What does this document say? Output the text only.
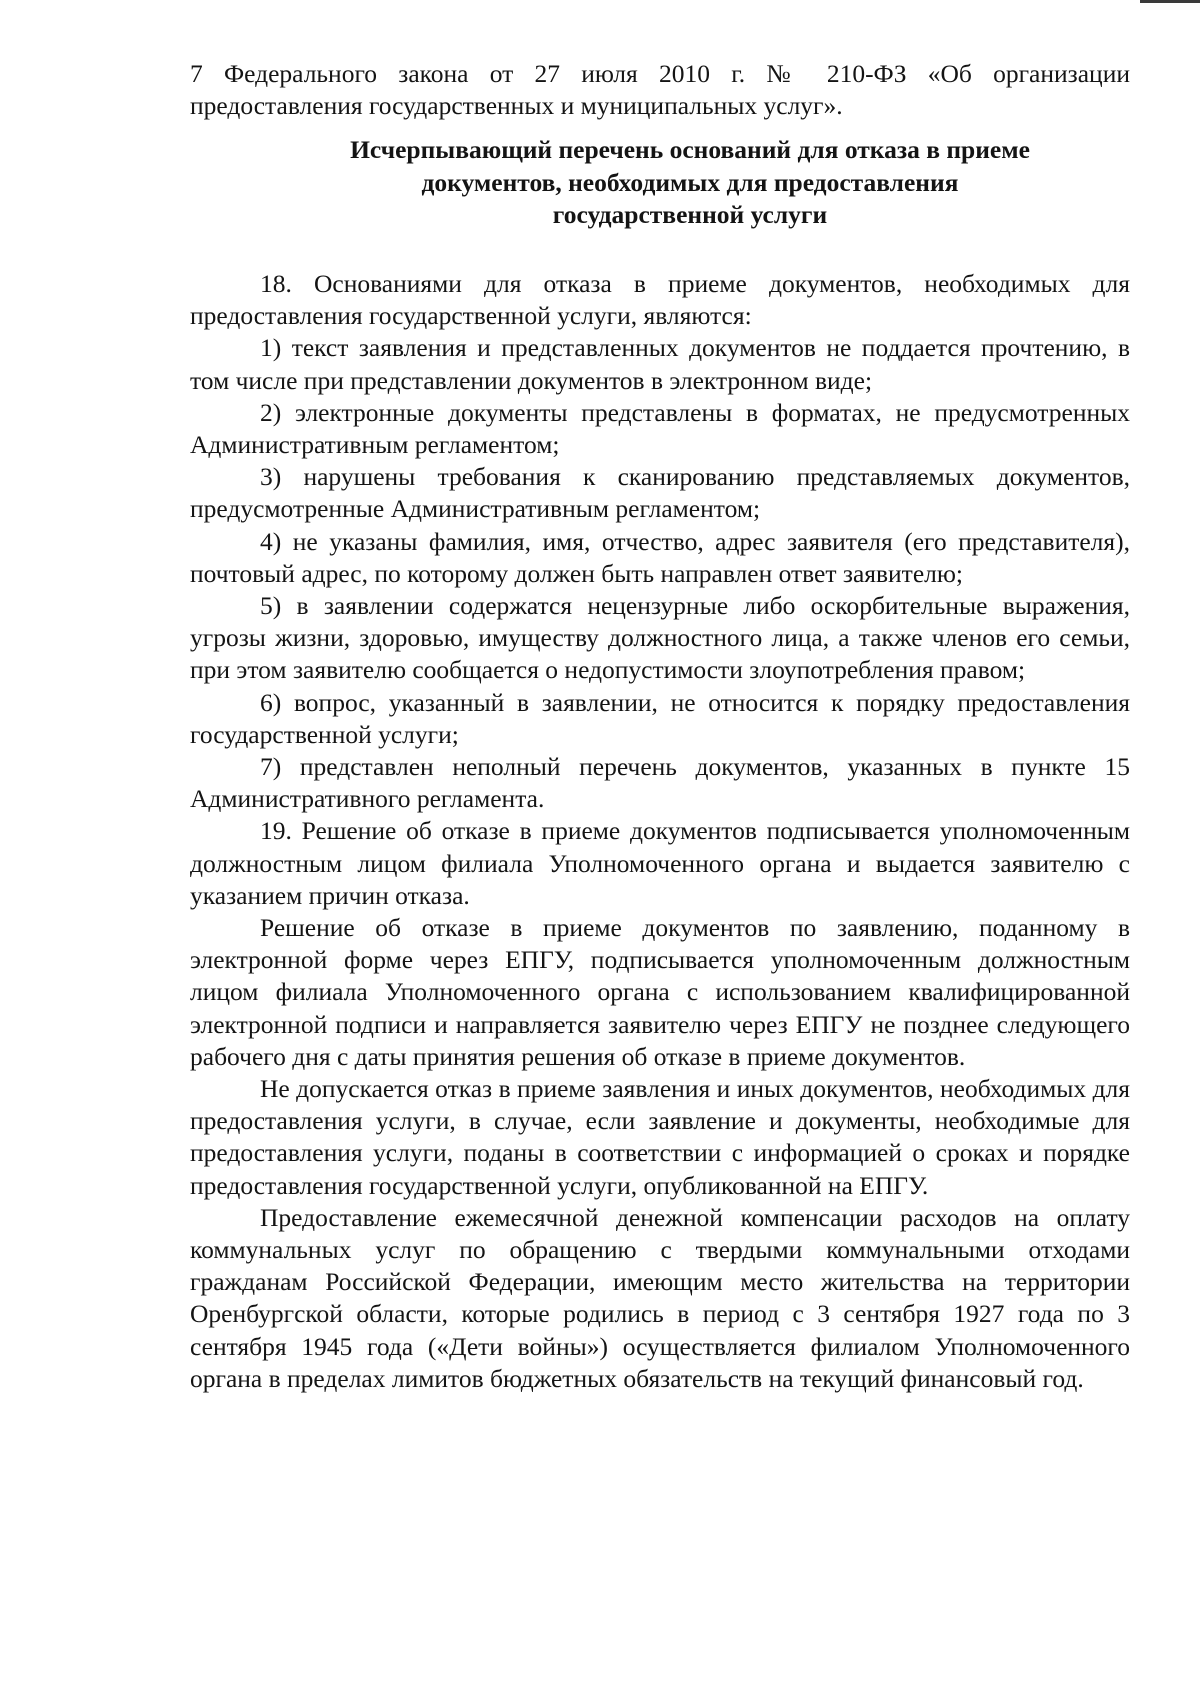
7 Федерального закона от 27 июля 2010 г. № 210-ФЗ «Об организации предоставления государственных и муниципальных услуг».

Исчерпывающий перечень оснований для отказа в приеме
документов, необходимых для предоставления
государственной услуги

18. Основаниями для отказа в приеме документов, необходимых для предоставления государственной услуги, являются:

1) текст заявления и представленных документов не поддается прочтению, в том числе при представлении документов в электронном виде;

2) электронные документы представлены в форматах, не предусмотренных Административным регламентом;

3) нарушены требования к сканированию представляемых документов, предусмотренные Административным регламентом;

4) не указаны фамилия, имя, отчество, адрес заявителя (его представителя), почтовый адрес, по которому должен быть направлен ответ заявителю;

5) в заявлении содержатся нецензурные либо оскорбительные выражения, угрозы жизни, здоровью, имуществу должностного лица, а также членов его семьи, при этом заявителю сообщается о недопустимости злоупотребления правом;

6) вопрос, указанный в заявлении, не относится к порядку предоставления государственной услуги;

7) представлен неполный перечень документов, указанных в пункте 15 Административного регламента.

19. Решение об отказе в приеме документов подписывается уполномоченным должностным лицом филиала Уполномоченного органа и выдается заявителю с указанием причин отказа.

Решение об отказе в приеме документов по заявлению, поданному в электронной форме через ЕПГУ, подписывается уполномоченным должностным лицом филиала Уполномоченного органа с использованием квалифицированной электронной подписи и направляется заявителю через ЕПГУ не позднее следующего рабочего дня с даты принятия решения об отказе в приеме документов.

Не допускается отказ в приеме заявления и иных документов, необходимых для предоставления услуги, в случае, если заявление и документы, необходимые для предоставления услуги, поданы в соответствии с информацией о сроках и порядке предоставления государственной услуги, опубликованной на ЕПГУ.

Предоставление ежемесячной денежной компенсации расходов на оплату коммунальных услуг по обращению с твердыми коммунальными отходами гражданам Российской Федерации, имеющим место жительства на территории Оренбургской области, которые родились в период с 3 сентября 1927 года по 3 сентября 1945 года («Дети войны») осуществляется филиалом Уполномоченного органа в пределах лимитов бюджетных обязательств на текущий финансовый год.
